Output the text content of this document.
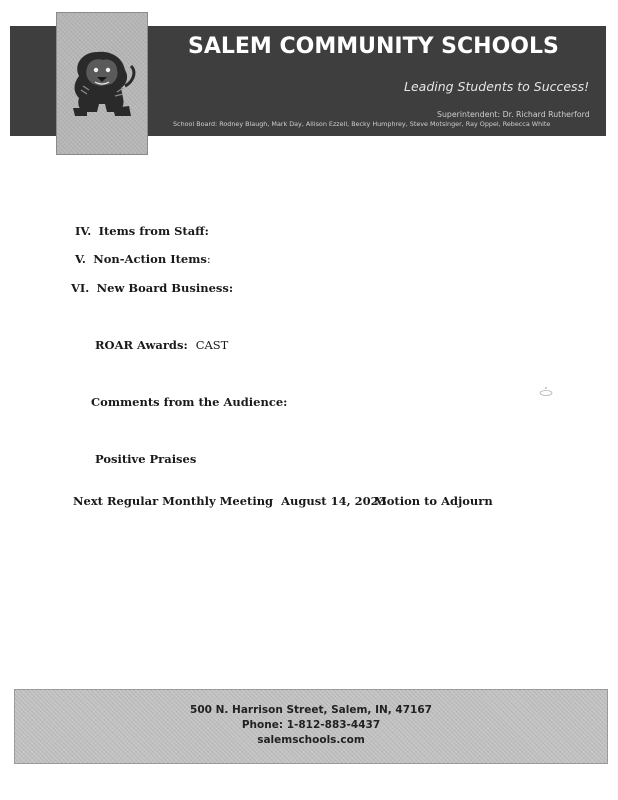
SALEM COMMUNITY SCHOOLS
Leading Students to Success!
Superintendent: Dr. Richard Rutherford
School Board: Rodney Blaugh, Mark Day, Allison Ezzell, Becky Humphrey, Steve Motsinger, Ray Oppel, Rebecca White
IV. Items from Staff:
V. Non-Action Items:
VI. New Board Business:
ROAR Awards: CAST
Comments from the Audience:
Positive Praises
Next Regular Monthly Meeting August 14, 2023
Motion to Adjourn
500 N. Harrison Street, Salem, IN, 47167
Phone: 1-812-883-4437
salemschools.com
